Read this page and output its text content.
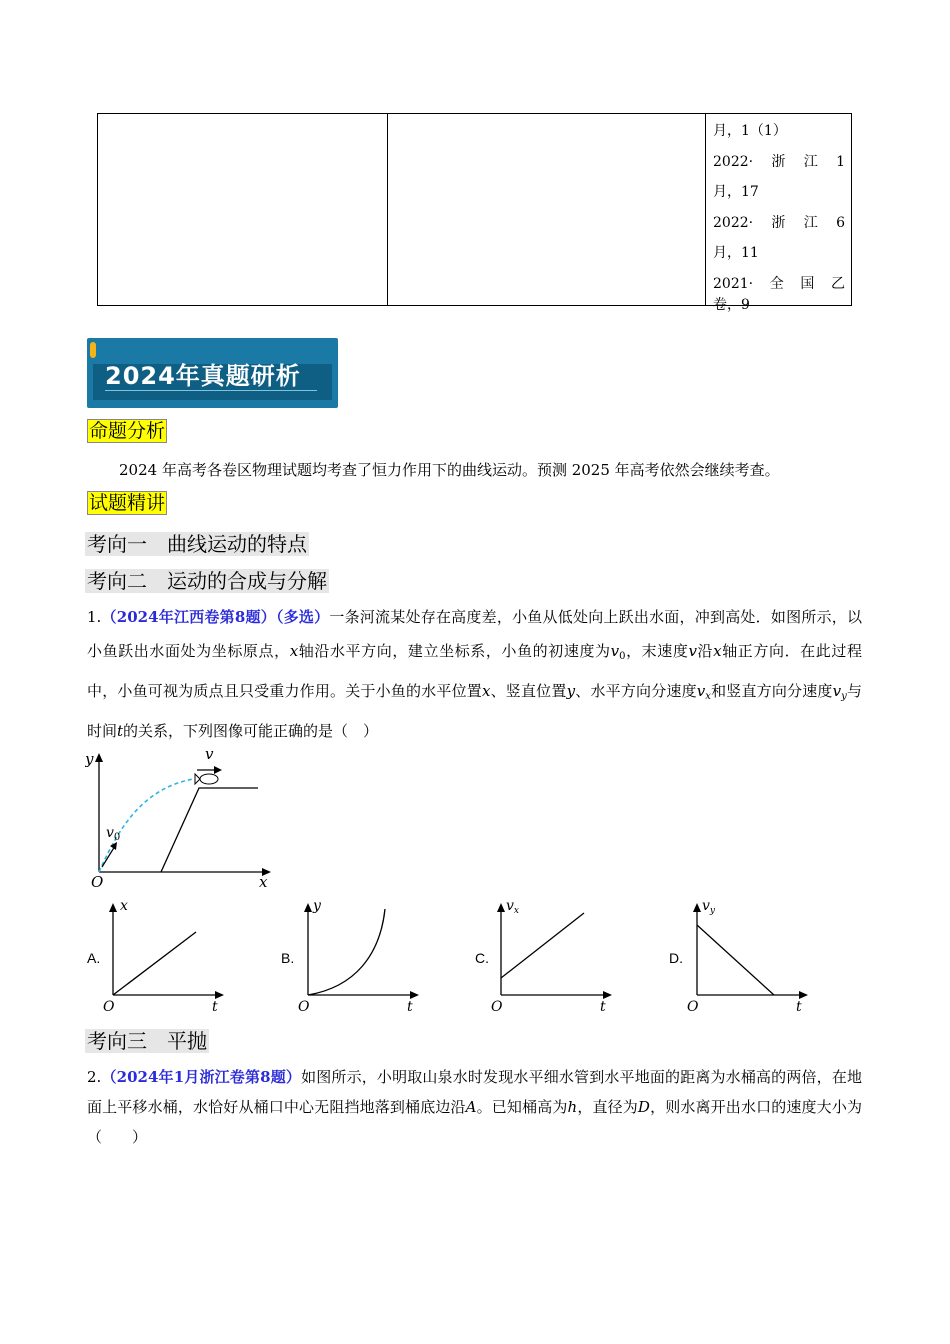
月，1（1）
2022· 浙 江 1
月，17
2022· 浙 江 6
月，11
2021· 全 国 乙
卷，9
2024年真题研析
命题分析
2024 年高考各卷区物理试题均考查了恒力作用下的曲线运动。预测 2025 年高考依然会继续考查。
试题精讲
考向一　曲线运动的特点
考向二　运动的合成与分解
1.（2024年江西卷第8题）（多选）一条河流某处存在高度差，小鱼从低处向上跃出水面，冲到高处．如图所示，以小鱼跃出水面处为坐标原点，x轴沿水平方向，建立坐标系，小鱼的初速度为$v_0$，末速度v沿x轴正方向．在此过程中，小鱼可视为质点且只受重力作用。关于小鱼的水平位置x、竖直位置y、水平方向分速度$v_x$和竖直方向分速度$v_y$与时间t的关系，下列图像可能正确的是（　）
y
x
O
v
$v_0$
A.
x
t
O
B.
y
t
O
C.
$v_x$
t
O
D.
$v_y$
t
O
考向三　平抛
2.（2024年1月浙江卷第8题）如图所示，小明取山泉水时发现水平细水管到水平地面的距离为水桶高的两倍，在地面上平移水桶，水恰好从桶口中心无阻挡地落到桶底边沿A。已知桶高为h，直径为D，则水离开出水口的速度大小为（　　）
